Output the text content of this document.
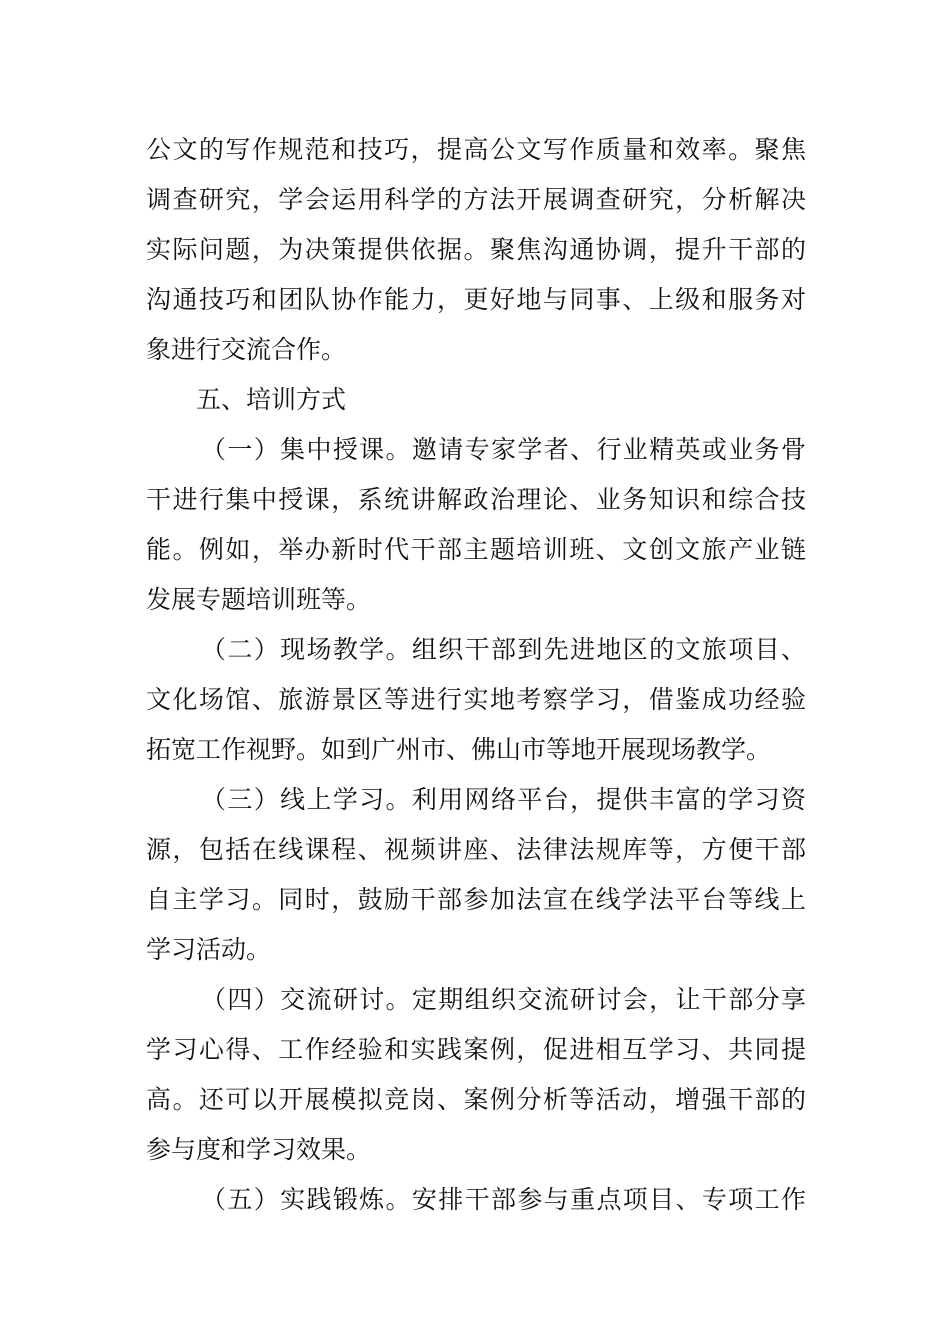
公文的写作规范和技巧，提高公文写作质量和效率。聚焦
调查研究，学会运用科学的方法开展调查研究，分析解决
实际问题，为决策提供依据。聚焦沟通协调，提升干部的
沟通技巧和团队协作能力，更好地与同事、上级和服务对
象进行交流合作。
五、培训方式
（一）集中授课。邀请专家学者、行业精英或业务骨
干进行集中授课，系统讲解政治理论、业务知识和综合技
能。例如，举办新时代干部主题培训班、文创文旅产业链
发展专题培训班等。
（二）现场教学。组织干部到先进地区的文旅项目、
文化场馆、旅游景区等进行实地考察学习，借鉴成功经验
拓宽工作视野。如到广州市、佛山市等地开展现场教学。
（三）线上学习。利用网络平台，提供丰富的学习资
源，包括在线课程、视频讲座、法律法规库等，方便干部
自主学习。同时，鼓励干部参加法宣在线学法平台等线上
学习活动。
（四）交流研讨。定期组织交流研讨会，让干部分享
学习心得、工作经验和实践案例，促进相互学习、共同提
高。还可以开展模拟竞岗、案例分析等活动，增强干部的
参与度和学习效果。
（五）实践锻炼。安排干部参与重点项目、专项工作
